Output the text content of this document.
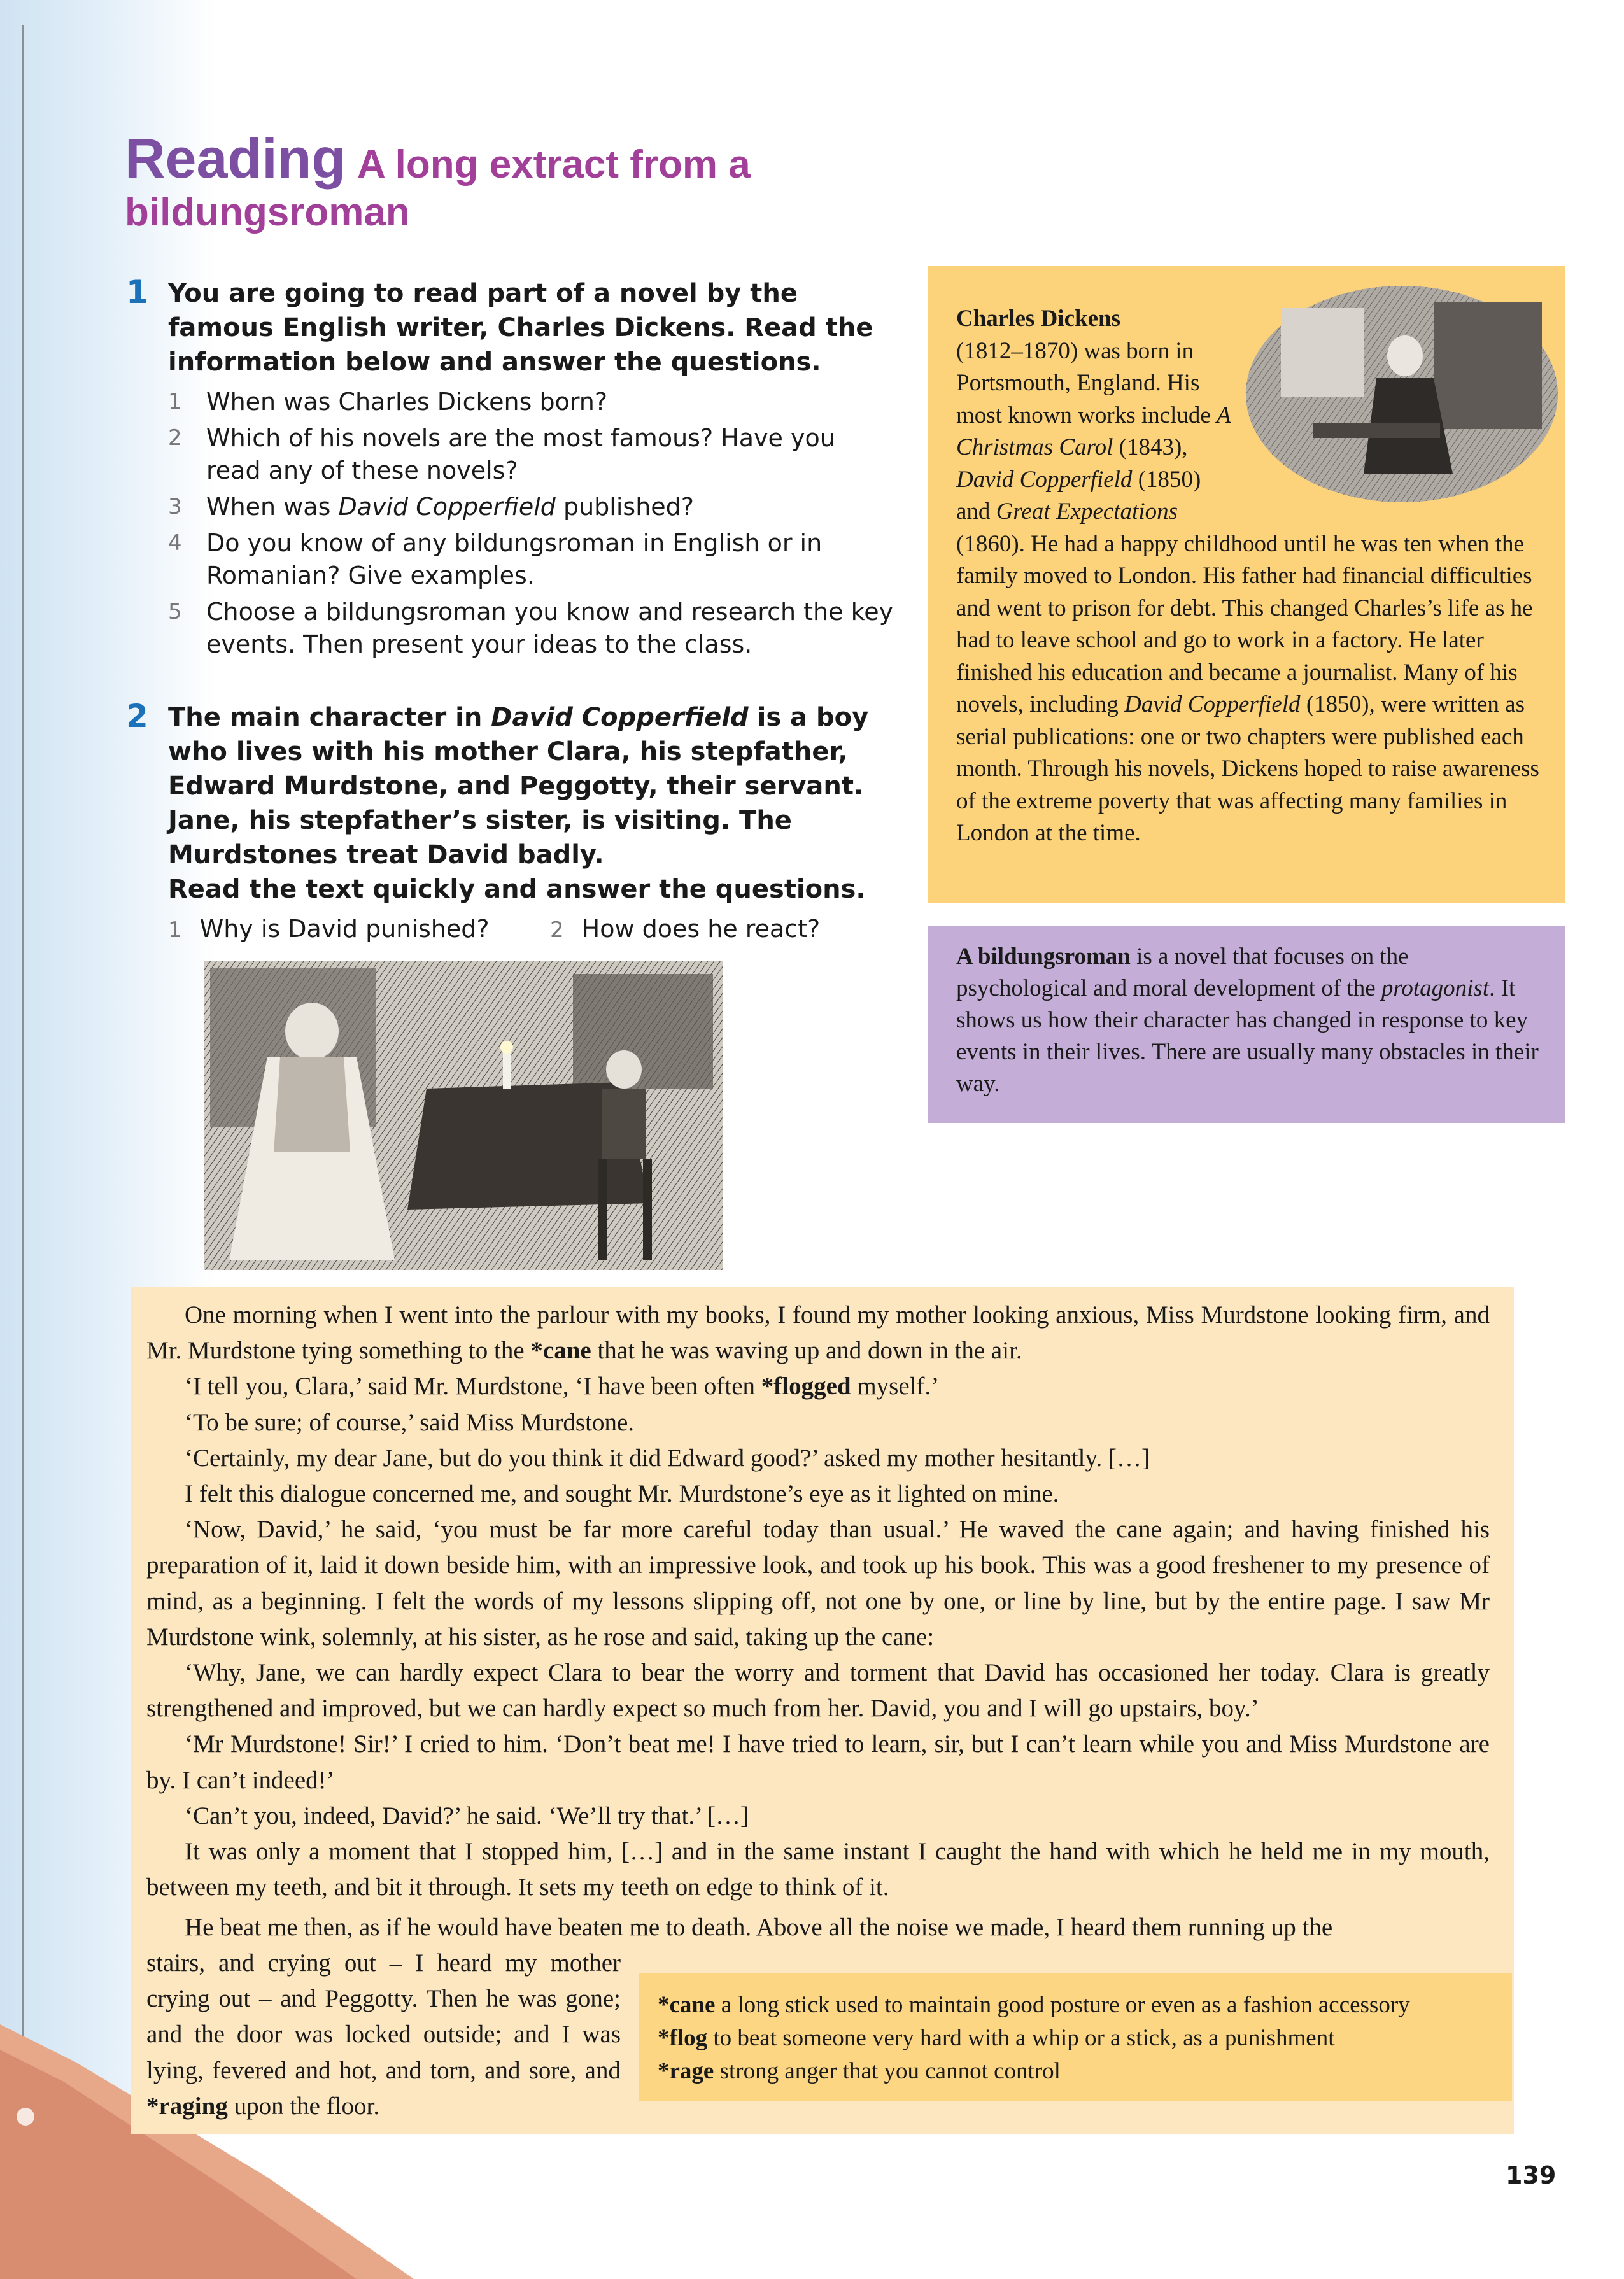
Reading A long extract from a bildungsroman
1 You are going to read part of a novel by the famous English writer, Charles Dickens. Read the information below and answer the questions.

1 When was Charles Dickens born?
2 Which of his novels are the most famous? Have you read any of these novels?
3 When was David Copperfield published?
4 Do you know of any bildungsroman in English or in Romanian? Give examples.
5 Choose a bildungsroman you know and research the key events. Then present your ideas to the class.
2 The main character in David Copperfield is a boy who lives with his mother Clara, his stepfather, Edward Murdstone, and Peggotty, their servant. Jane, his stepfather’s sister, is visiting. The Murdstones treat David badly.
Read the text quickly and answer the questions.

1 Why is David punished?	2 How does he react?
Charles Dickens
(1812–1870) was born in Portsmouth, England. His most known works include A Christmas Carol (1843), David Copperfield (1850) and Great Expectations (1860). He had a happy childhood until he was ten when the family moved to London. His father had financial difficulties and went to prison for debt. This changed Charles’s life as he had to leave school and go to work in a factory. He later finished his education and became a journalist. Many of his novels, including David Copperfield (1850), were written as serial publications: one or two chapters were published each month. Through his novels, Dickens hoped to raise awareness of the extreme poverty that was affecting many families in London at the time.
A bildungsroman is a novel that focuses on the psychological and moral development of the protagonist. It shows us how their character has changed in response to key events in their lives. There are usually many obstacles in their way.

One morning when I went into the parlour with my books, I found my mother looking anxious, Miss Murdstone looking firm, and Mr. Murdstone tying something to the *cane that he was waving up and down in the air.

‘I tell you, Clara,’ said Mr. Murdstone, ‘I have been often *flogged myself.’

‘To be sure; of course,’ said Miss Murdstone.

‘Certainly, my dear Jane, but do you think it did Edward good?’ asked my mother hesitantly. […]

I felt this dialogue concerned me, and sought Mr. Murdstone’s eye as it lighted on mine.

‘Now, David,’ he said, ‘you must be far more careful today than usual.’ He waved the cane again; and having finished his preparation of it, laid it down beside him, with an impressive look, and took up his book. This was a good freshener to my presence of mind, as a beginning. I felt the words of my lessons slipping off, not one by one, or line by line, but by the entire page. I saw Mr Murdstone wink, solemnly, at his sister, as he rose and said, taking up the cane:

‘Why, Jane, we can hardly expect Clara to bear the worry and torment that David has occasioned her today. Clara is greatly strengthened and improved, but we can hardly expect so much from her. David, you and I will go upstairs, boy.’

‘Mr Murdstone! Sir!’ I cried to him. ‘Don’t beat me! I have tried to learn, sir, but I can’t learn while you and Miss Murdstone are by. I can’t indeed!’

‘Can’t you, indeed, David?’ he said. ‘We’ll try that.’ […]

It was only a moment that I stopped him, […] and in the same instant I caught the hand with which he held me in my mouth, between my teeth, and bit it through. It sets my teeth on edge to think of it.

He beat me then, as if he would have beaten me to death. Above all the noise we made, I heard them running up the

stairs, and crying out – I heard my mother crying out – and Peggotty. Then he was gone; and the door was locked outside; and I was lying, fevered and hot, and torn, and sore, and *raging upon the floor.

*cane a long stick used to maintain good posture or even as a fashion accessory
*flog to beat someone very hard with a whip or a stick, as a punishment
*rage strong anger that you cannot control
139
